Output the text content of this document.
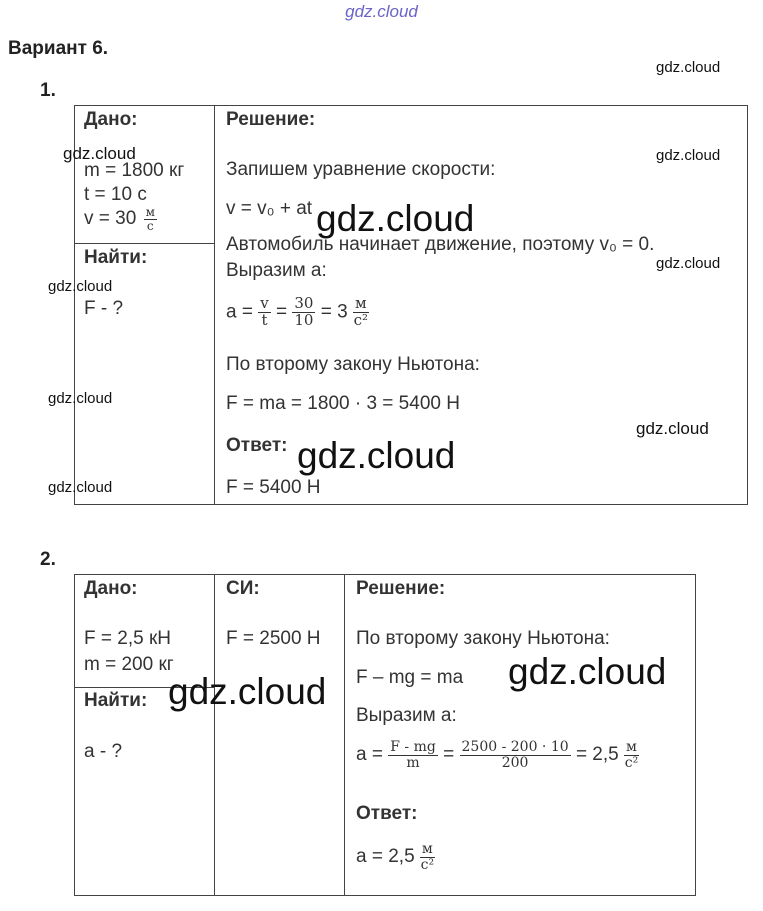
gdz.cloud
Вариант 6.
1.
Дано:
m = 1800 кг
t = 10 с
$v = 30 \frac{м}{с}$
Найти:
F - ?
Решение:
Запишем уравнение скорости:
v = v₀ + at
Автомобиль начинает движение, поэтому v₀ = 0.
Выразим а:
$a = \frac{v}{t} = \frac{30}{10} = 3 \frac{м}{\text{с²}}$
По второму закону Ньютона:
F = ma = 1800 · 3 = 5400 Н
Ответ:
F = 5400 Н
2.
Дано:
F = 2,5 кН
m = 200 кг
Найти:
a - ?
СИ:
F = 2500 Н
Решение:
По второму закону Ньютона:
F – mg = ma
Выразим а:
$a = \frac{F - mg}{m} = \frac{2500 - 200 \cdot 10}{200} = 2,5 \frac{м}{\text{с²}}$
Ответ:
$a = 2,5 \frac{м}{\text{с²}}$
gdz.cloud
gdz.cloud	gdz.cloud
gdz.cloud
gdz.cloud
gdz.cloud
gdz.cloud
gdz.cloud
gdz.cloud
gdz.cloud
gdz.cloud	gdz.cloud
